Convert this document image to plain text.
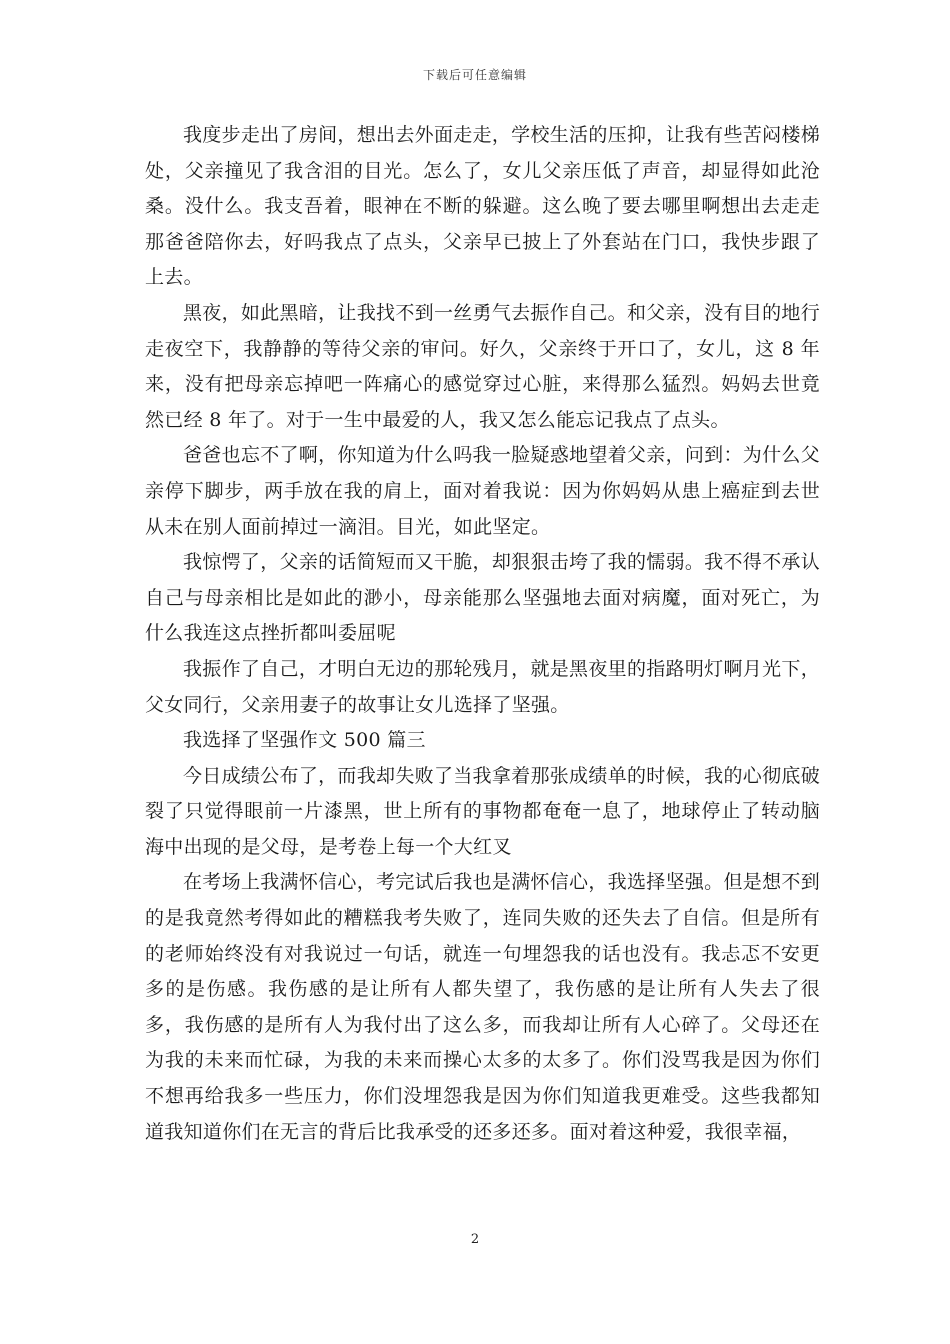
下载后可任意编辑

我度步走出了房间，想出去外面走走，学校生活的压抑，让我有些苦闷楼梯处，父亲撞见了我含泪的目光。怎么了，女儿父亲压低了声音，却显得如此沧桑。没什么。我支吾着，眼神在不断的躲避。这么晚了要去哪里啊想出去走走那爸爸陪你去，好吗我点了点头，父亲早已披上了外套站在门口，我快步跟了上去。

黑夜，如此黑暗，让我找不到一丝勇气去振作自己。和父亲，没有目的地行走夜空下，我静静的等待父亲的审问。好久，父亲终于开口了，女儿，这 8 年来，没有把母亲忘掉吧一阵痛心的感觉穿过心脏，来得那么猛烈。妈妈去世竟然已经 8 年了。对于一生中最爱的人，我又怎么能忘记我点了点头。

爸爸也忘不了啊，你知道为什么吗我一脸疑惑地望着父亲，问到：为什么父亲停下脚步，两手放在我的肩上，面对着我说：因为你妈妈从患上癌症到去世从未在别人面前掉过一滴泪。目光，如此坚定。

我惊愕了，父亲的话简短而又干脆，却狠狠击垮了我的懦弱。我不得不承认自己与母亲相比是如此的渺小，母亲能那么坚强地去面对病魔，面对死亡，为什么我连这点挫折都叫委屈呢

我振作了自己，才明白无边的那轮残月，就是黑夜里的指路明灯啊月光下，父女同行，父亲用妻子的故事让女儿选择了坚强。

我选择了坚强作文 500 篇三

今日成绩公布了，而我却失败了当我拿着那张成绩单的时候，我的心彻底破裂了只觉得眼前一片漆黑，世上所有的事物都奄奄一息了，地球停止了转动脑海中出现的是父母，是考卷上每一个大红叉

在考场上我满怀信心，考完试后我也是满怀信心，我选择坚强。但是想不到的是我竟然考得如此的糟糕我考失败了，连同失败的还失去了自信。但是所有的老师始终没有对我说过一句话，就连一句埋怨我的话也没有。我忐忑不安更多的是伤感。我伤感的是让所有人都失望了，我伤感的是让所有人失去了很多，我伤感的是所有人为我付出了这么多，而我却让所有人心碎了。父母还在为我的未来而忙碌，为我的未来而操心太多的太多了。你们没骂我是因为你们不想再给我多一些压力，你们没埋怨我是因为你们知道我更难受。这些我都知道我知道你们在无言的背后比我承受的还多还多。面对着这种爱，我很幸福，

2
